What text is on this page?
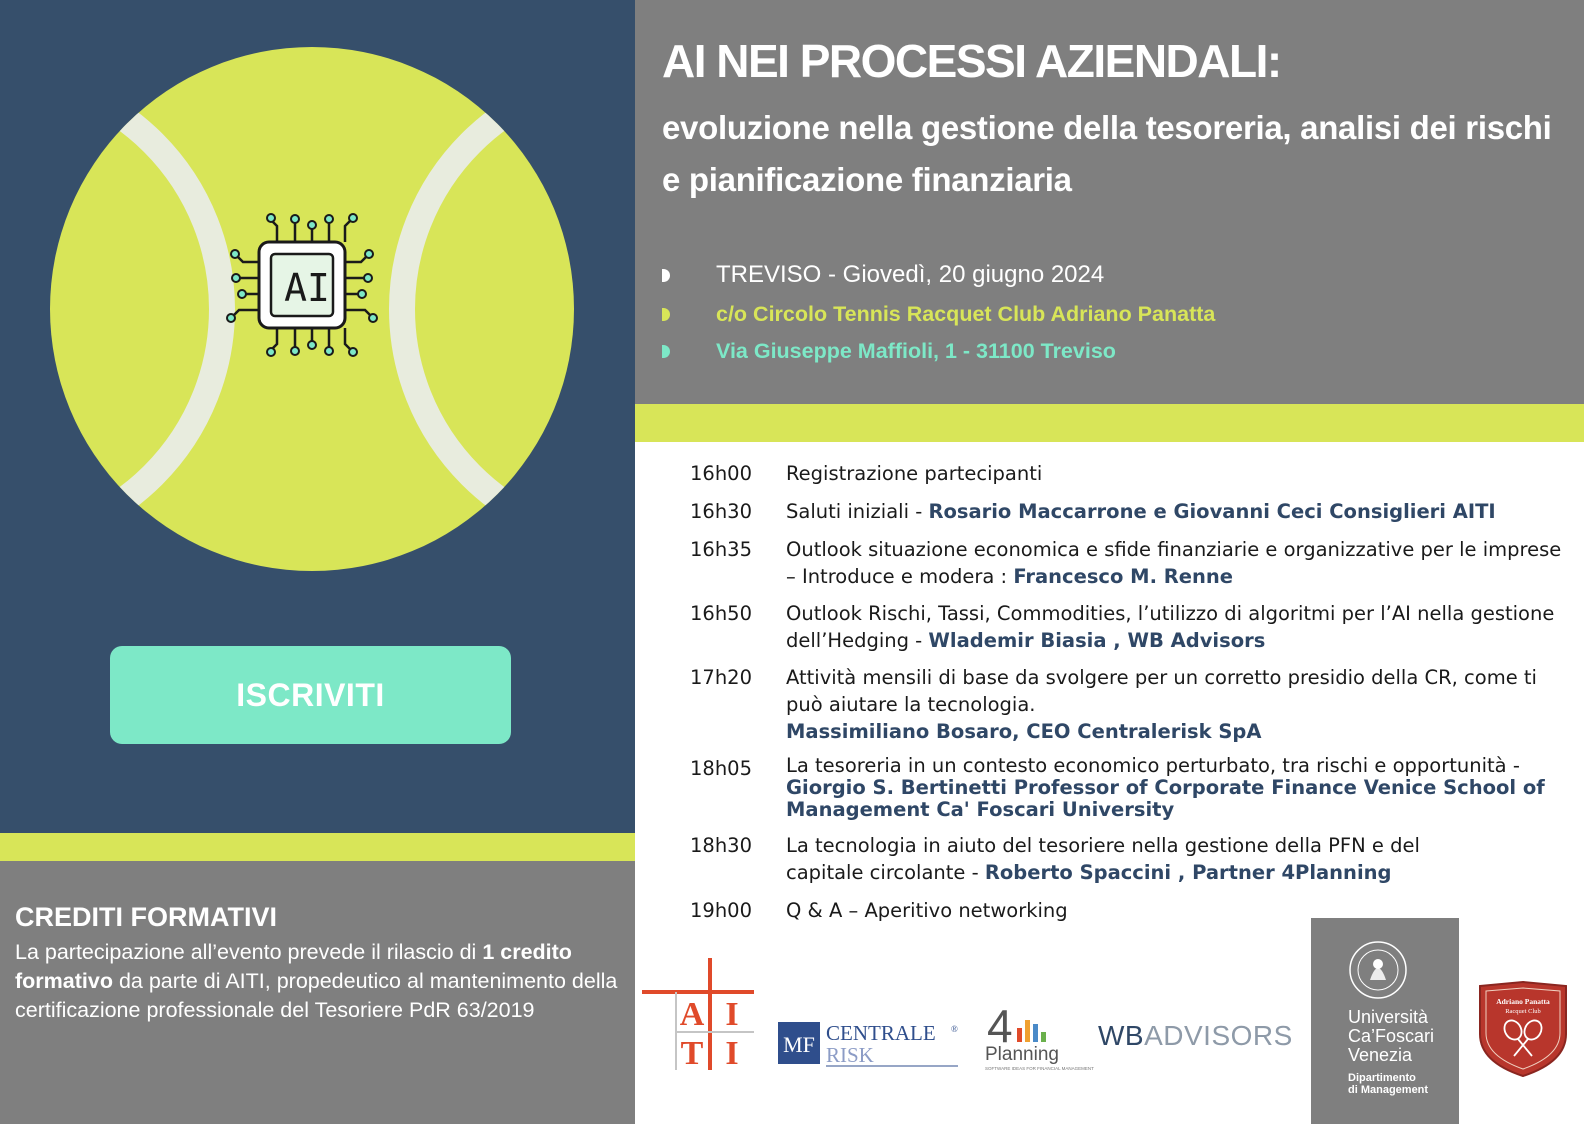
AI
ISCRIVITI
CREDITI FORMATIVI
La partecipazione all’evento prevede il rilascio di 1 credito formativo da parte di AITI, propedeutico al mantenimento della certificazione professionale del Tesoriere PdR 63/2019
AI NEI PROCESSI AZIENDALI:
evoluzione nella gestione della tesoreria, analisi dei rischi e pianificazione finanziaria
TREVISO - Giovedì, 20 giugno 2024
c/o Circolo Tennis Racquet Club Adriano Panatta
Via Giuseppe Maffioli, 1 - 31100 Treviso
16h00	Registrazione partecipanti
16h30	Saluti iniziali - Rosario Maccarrone e Giovanni Ceci Consiglieri AITI
16h35	Outlook situazione economica e sfide finanziarie e organizzative per le imprese – Introduce e modera : Francesco M. Renne
16h50	Outlook Rischi, Tassi, Commodities, l’utilizzo di algoritmi per l’AI nella gestione dell’Hedging - Wlademir Biasia , WB Advisors
17h20	Attività mensili di base da svolgere per un corretto presidio della CR, come ti può aiutare la tecnologia.
Massimiliano Bosaro, CEO Centralerisk SpA
18h05	La tesoreria in un contesto economico perturbato, tra rischi e opportunità - Giorgio S. Bertinetti Professor of Corporate Finance Venice School of Management Ca' Foscari University
18h30	La tecnologia in aiuto del tesoriere nella gestione della PFN e del capitale circolante - Roberto Spaccini , Partner 4Planning
19h00	Q & A – Aperitivo networking
A I
T I MF CENTRALE ®
RISK
4
Planning
SOFTWARE IDEAS FOR FINANCIAL MANAGEMENT
WBADVISORS
Università
Ca’Foscari
Venezia
Dipartimento
di Management
Adriano Panatta
Racquet Club
